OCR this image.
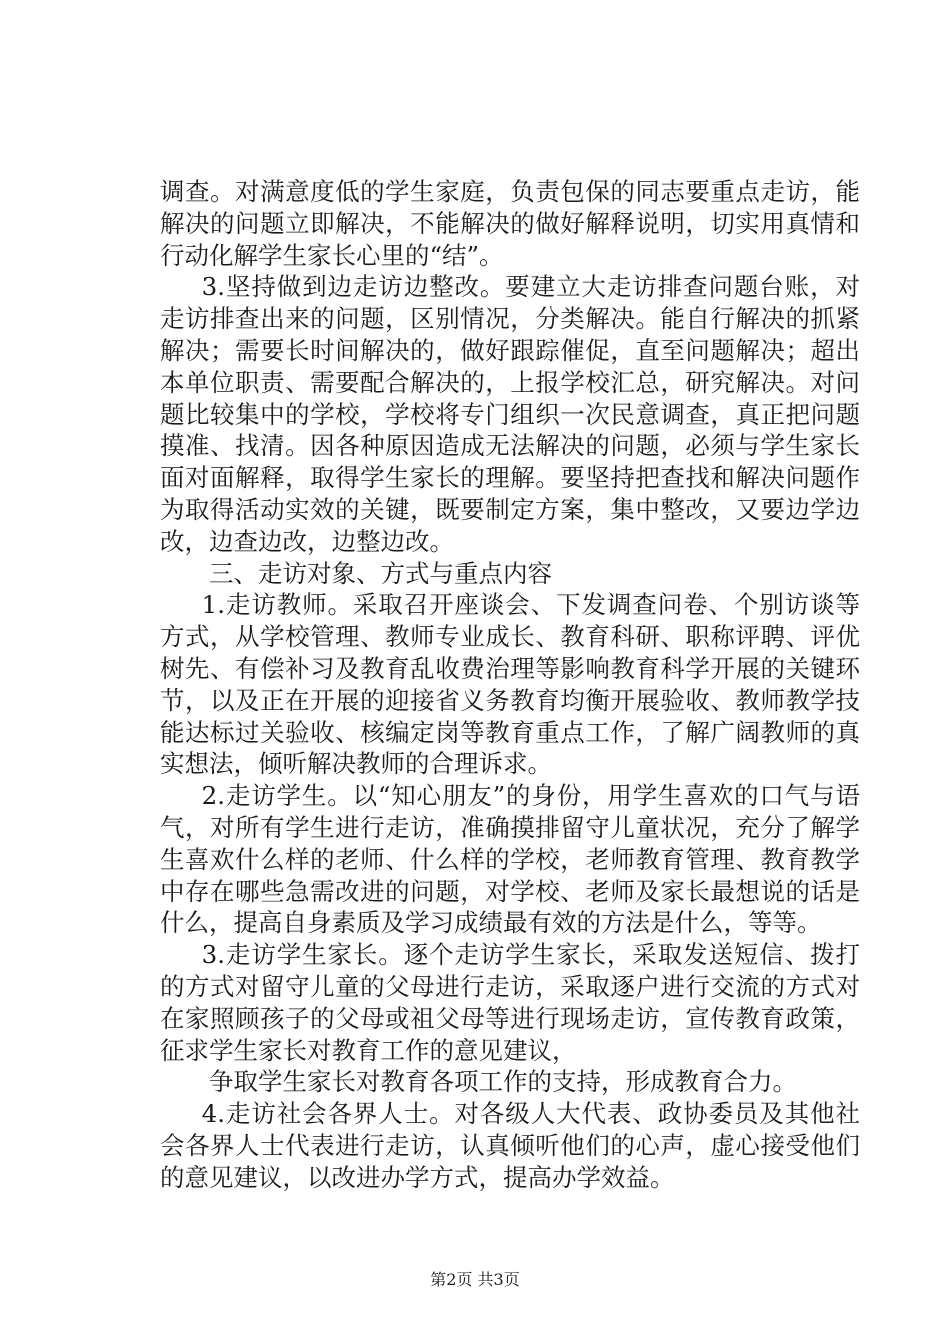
调查。对满意度低的学生家庭，负责包保的同志要重点走访，能解决的问题立即解决，不能解决的做好解释说明，切实用真情和行动化解学生家长心里的“结”。

3.坚持做到边走访边整改。要建立大走访排查问题台账，对走访排查出来的问题，区别情况，分类解决。能自行解决的抓紧解决；需要长时间解决的，做好跟踪催促，直至问题解决；超出本单位职责、需要配合解决的，上报学校汇总，研究解决。对问题比较集中的学校，学校将专门组织一次民意调查，真正把问题摸准、找清。因各种原因造成无法解决的问题，必须与学生家长面对面解释，取得学生家长的理解。要坚持把查找和解决问题作为取得活动实效的关键，既要制定方案，集中整改，又要边学边改，边查边改，边整边改。

三、走访对象、方式与重点内容

1.走访教师。采取召开座谈会、下发调查问卷、个别访谈等方式，从学校管理、教师专业成长、教育科研、职称评聘、评优树先、有偿补习及教育乱收费治理等影响教育科学开展的关键环节，以及正在开展的迎接省义务教育均衡开展验收、教师教学技能达标过关验收、核编定岗等教育重点工作，了解广阔教师的真实想法，倾听解决教师的合理诉求。

2.走访学生。以“知心朋友”的身份，用学生喜欢的口气与语气，对所有学生进行走访，准确摸排留守儿童状况，充分了解学生喜欢什么样的老师、什么样的学校，老师教育管理、教育教学中存在哪些急需改进的问题，对学校、老师及家长最想说的话是什么，提高自身素质及学习成绩最有效的方法是什么，等等。

3.走访学生家长。逐个走访学生家长，采取发送短信、拨打的方式对留守儿童的父母进行走访，采取逐户进行交流的方式对在家照顾孩子的父母或祖父母等进行现场走访，宣传教育政策，征求学生家长对教育工作的意见建议，

争取学生家长对教育各项工作的支持，形成教育合力。

4.走访社会各界人士。对各级人大代表、政协委员及其他社会各界人士代表进行走访，认真倾听他们的心声，虚心接受他们的意见建议，以改进办学方式，提高办学效益。

第2页 共3页
